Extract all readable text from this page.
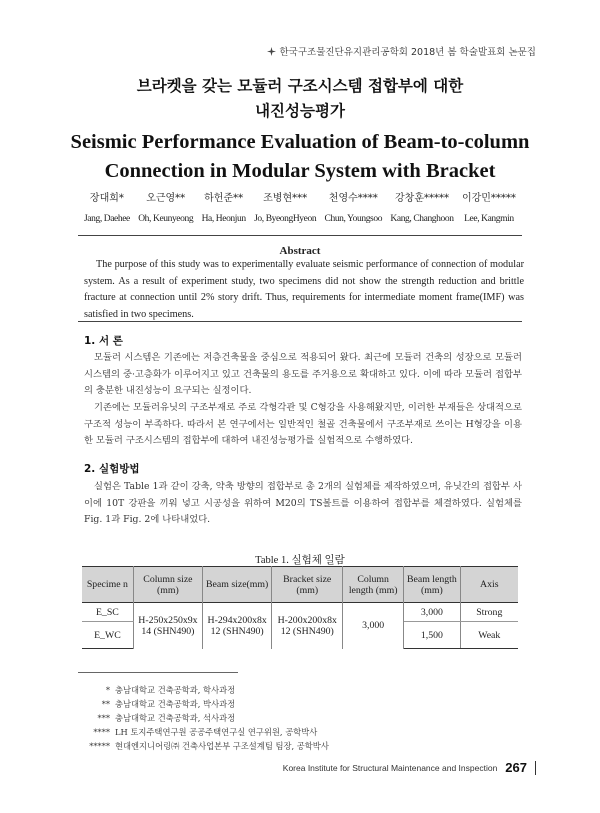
한국구조물진단유지관리공학회 2018년 봄 학술발표회 논문집
브라켓을 갖는 모듈러 구조시스템 접합부에 대한
내진성능평가
Seismic Performance Evaluation of Beam-to-column
Connection in Modular System with Bracket
장대희*
Jang, Daehee
오근영**
Oh, Keunyeong
하헌준**
Ha, Heonjun
조병현***
Jo, ByeongHyeon
천영수****
Chun, Youngsoo
강창훈*****
Kang, Changhoon
이강민*****
Lee, Kangmin
Abstract
The purpose of this study was to experimentally evaluate seismic performance of connection of modular system. As a result of experiment study, two specimens did not show the strength reduction and brittle fracture at connection until 2% story drift. Thus, requirements for intermediate moment frame(IMF) was satisfied in two specimens.
1. 서 론
모듈러 시스템은 기존에는 저층건축물을 중심으로 적용되어 왔다. 최근에 모듈러 건축의 성장으로 모듈러 시스템의 중·고층화가 이루어지고 있고 건축물의 용도를 주거용으로 확대하고 있다. 이에 따라 모듈러 접합부의 충분한 내진성능이 요구되는 실정이다.
기존에는 모듈러유닛의 구조부재로 주로 각형각관 및 C형강을 사용해왔지만, 이러한 부재들은 상대적으로 구조적 성능이 부족하다. 따라서 본 연구에서는 일반적인 철골 건축물에서 구조부재로 쓰이는 H형강을 이용한 모듈러 구조시스템의 접합부에 대하여 내진성능평가를 실험적으로 수행하였다.
2. 실험방법
실험은 Table 1과 같이 강축, 약축 방향의 접합부로 총 2개의 실험체를 제작하였으며, 유닛간의 접합부 사이에 10T 강판을 끼워 넣고 시공성을 위하여 M20의 TS볼트를 이용하여 접합부를 체결하였다. 실험체를 Fig. 1과 Fig. 2에 나타내었다.
Table 1. 실험체 일람
Specime n	Column size (mm)	Beam size(mm)	Bracket size (mm)	Column length (mm)	Beam length (mm)	Axis
E_SC	H-250x250x9x 14 (SHN490)	H-294x200x8x 12 (SHN490)	H-200x200x8x 12 (SHN490)	3,000	3,000	Strong
E_WC					1,500	Weak
* 충남대학교 건축공학과, 학사과정
** 충남대학교 건축공학과, 박사과정
*** 충남대학교 건축공학과, 석사과정
**** LH 토지주택연구원 공공주택연구실 연구위원, 공학박사
***** 현대엔지니어링㈜ 건축사업본부 구조설계팀 팀장, 공학박사
Korea Institute for Structural Maintenance and Inspection 267
